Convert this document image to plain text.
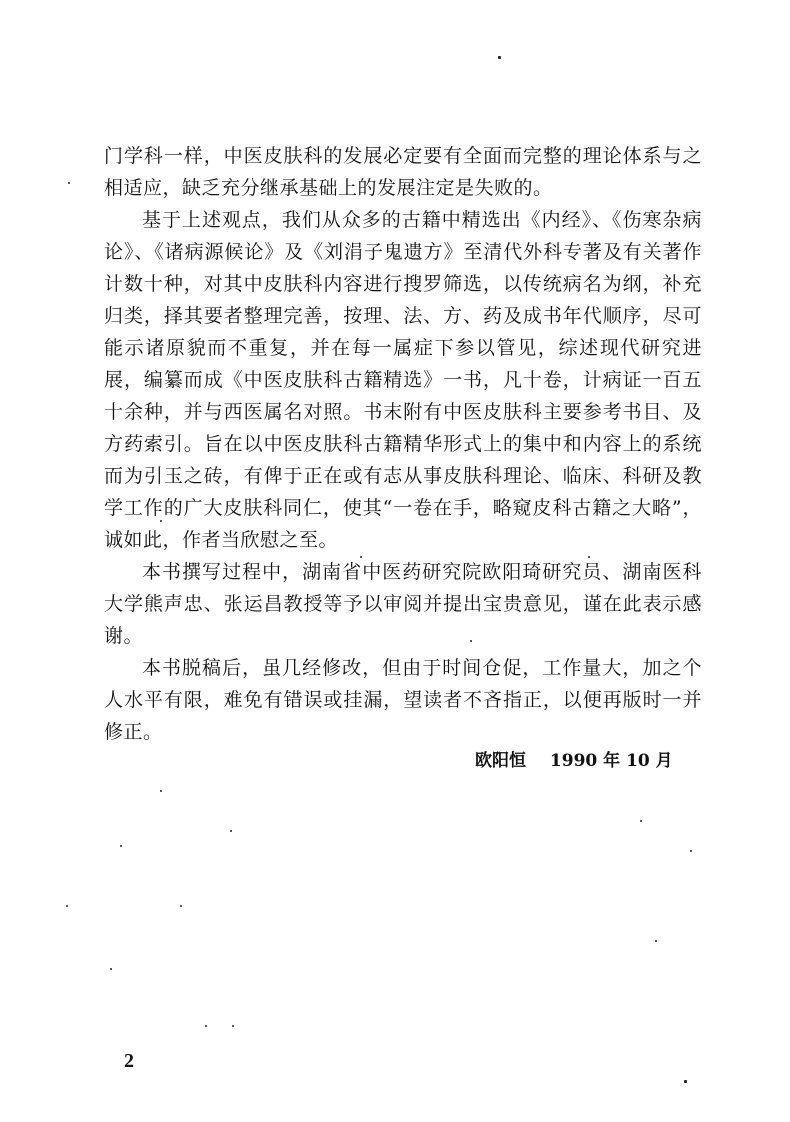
门学科一样，中医皮肤科的发展必定要有全面而完整的理论体系与之相适应，缺乏充分继承基础上的发展注定是失败的。

基于上述观点，我们从众多的古籍中精选出《内经》、《伤寒杂病论》、《诸病源候论》及《刘涓子鬼遗方》至清代外科专著及有关著作计数十种，对其中皮肤科内容进行搜罗筛选，以传统病名为纲，补充归类，择其要者整理完善，按理、法、方、药及成书年代顺序，尽可能示诸原貌而不重复，并在每一属症下参以管见，综述现代研究进展，编纂而成《中医皮肤科古籍精选》一书，凡十卷，计病证一百五十余种，并与西医属名对照。书末附有中医皮肤科主要参考书目、及方药索引。旨在以中医皮肤科古籍精华形式上的集中和内容上的系统而为引玉之砖，有俾于正在或有志从事皮肤科理论、临床、科研及教学工作的广大皮肤科同仁，使其“一卷在手，略窥皮科古籍之大略”，诚如此，作者当欣慰之至。

本书撰写过程中，湖南省中医药研究院欧阳琦研究员、湖南医科大学熊声忠、张运昌教授等予以审阅并提出宝贵意见，谨在此表示感谢。

本书脱稿后，虽几经修改，但由于时间仓促，工作量大，加之个人水平有限，难免有错误或挂漏，望读者不吝指正，以便再版时一并修正。

欧阳恒 1990 年 10 月
2
